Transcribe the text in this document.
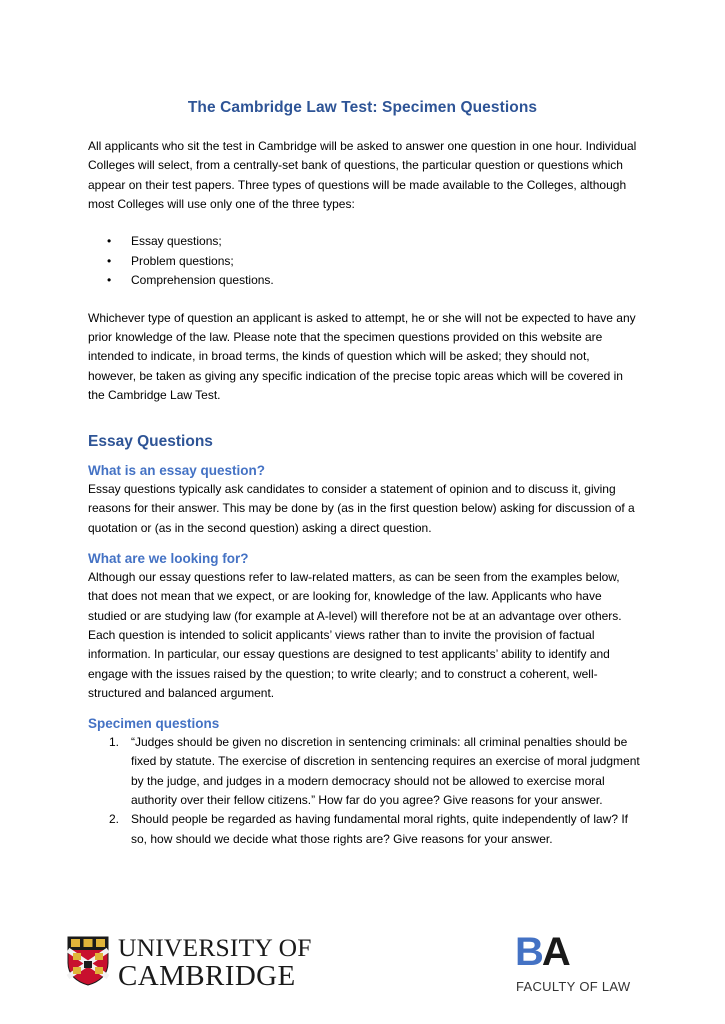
The Cambridge Law Test: Specimen Questions

All applicants who sit the test in Cambridge will be asked to answer one question in one hour. Individual Colleges will select, from a centrally-set bank of questions, the particular question or questions which appear on their test papers. Three types of questions will be made available to the Colleges, although most Colleges will use only one of the three types:

• Essay questions;
• Problem questions;
• Comprehension questions.

Whichever type of question an applicant is asked to attempt, he or she will not be expected to have any prior knowledge of the law. Please note that the specimen questions provided on this website are intended to indicate, in broad terms, the kinds of question which will be asked; they should not, however, be taken as giving any specific indication of the precise topic areas which will be covered in the Cambridge Law Test.

Essay Questions
What is an essay question?

Essay questions typically ask candidates to consider a statement of opinion and to discuss it, giving reasons for their answer. This may be done by (as in the first question below) asking for discussion of a quotation or (as in the second question) asking a direct question.

What are we looking for?

Although our essay questions refer to law-related matters, as can be seen from the examples below, that does not mean that we expect, or are looking for, knowledge of the law. Applicants who have studied or are studying law (for example at A-level) will therefore not be at an advantage over others. Each question is intended to solicit applicants’ views rather than to invite the provision of factual information. In particular, our essay questions are designed to test applicants’ ability to identify and engage with the issues raised by the question; to write clearly; and to construct a coherent, well-structured and balanced argument.

Specimen questions
1. “Judges should be given no discretion in sentencing criminals: all criminal penalties should be fixed by statute. The exercise of discretion in sentencing requires an exercise of moral judgment by the judge, and judges in a modern democracy should not be allowed to exercise moral authority over their fellow citizens.” How far do you agree? Give reasons for your answer.
2. Should people be regarded as having fundamental moral rights, quite independently of law? If so, how should we decide what those rights are? Give reasons for your answer.
UNIVERSITY OF
CAMBRIDGE
BA
FACULTY OF LAW
